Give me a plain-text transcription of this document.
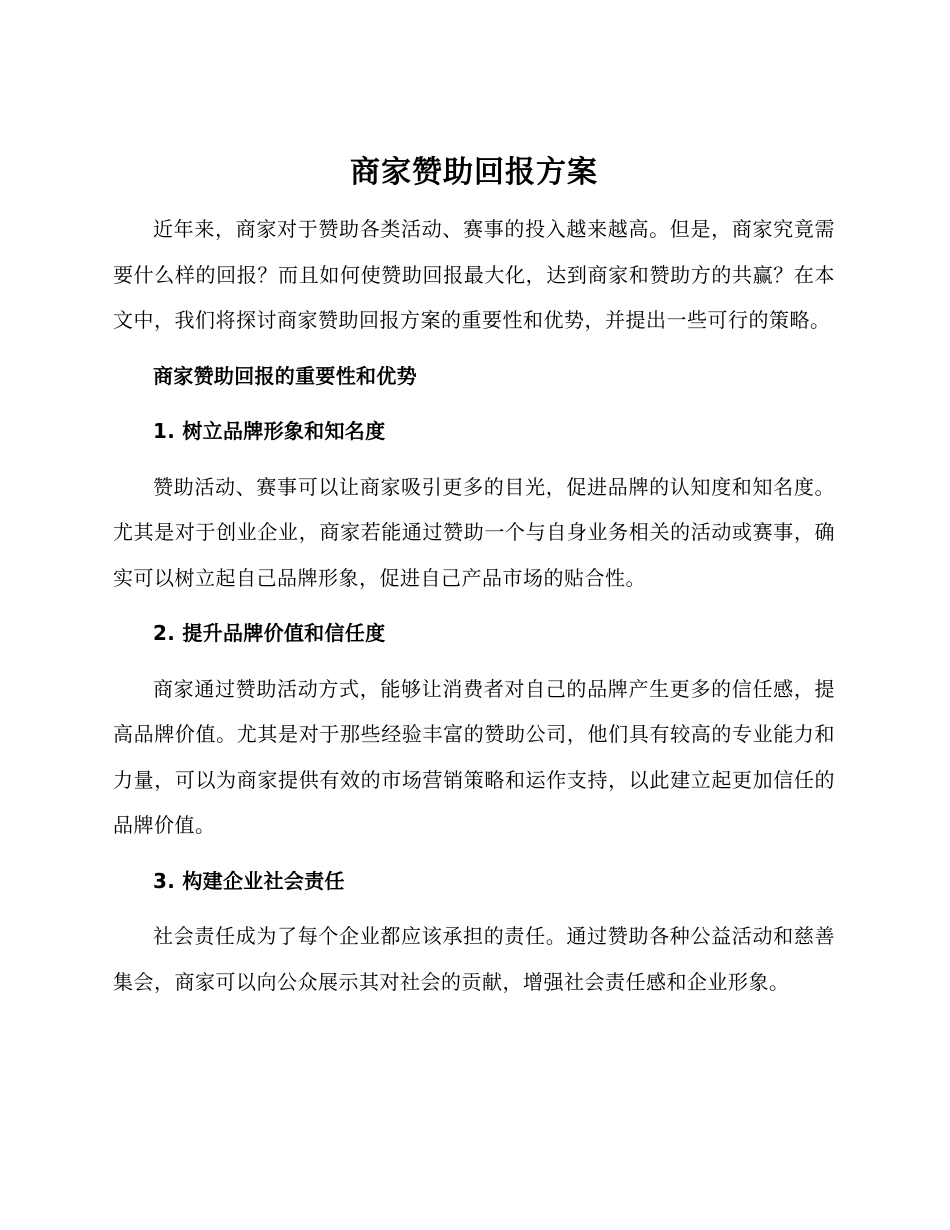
商家赞助回报方案

近年来，商家对于赞助各类活动、赛事的投入越来越高。但是，商家究竟需要什么样的回报？而且如何使赞助回报最大化，达到商家和赞助方的共赢？在本文中，我们将探讨商家赞助回报方案的重要性和优势，并提出一些可行的策略。

商家赞助回报的重要性和优势
1. 树立品牌形象和知名度

赞助活动、赛事可以让商家吸引更多的目光，促进品牌的认知度和知名度。尤其是对于创业企业，商家若能通过赞助一个与自身业务相关的活动或赛事，确实可以树立起自己品牌形象，促进自己产品市场的贴合性。

2. 提升品牌价值和信任度

商家通过赞助活动方式，能够让消费者对自己的品牌产生更多的信任感，提高品牌价值。尤其是对于那些经验丰富的赞助公司，他们具有较高的专业能力和力量，可以为商家提供有效的市场营销策略和运作支持，以此建立起更加信任的品牌价值。

3. 构建企业社会责任

社会责任成为了每个企业都应该承担的责任。通过赞助各种公益活动和慈善集会，商家可以向公众展示其对社会的贡献，增强社会责任感和企业形象。
